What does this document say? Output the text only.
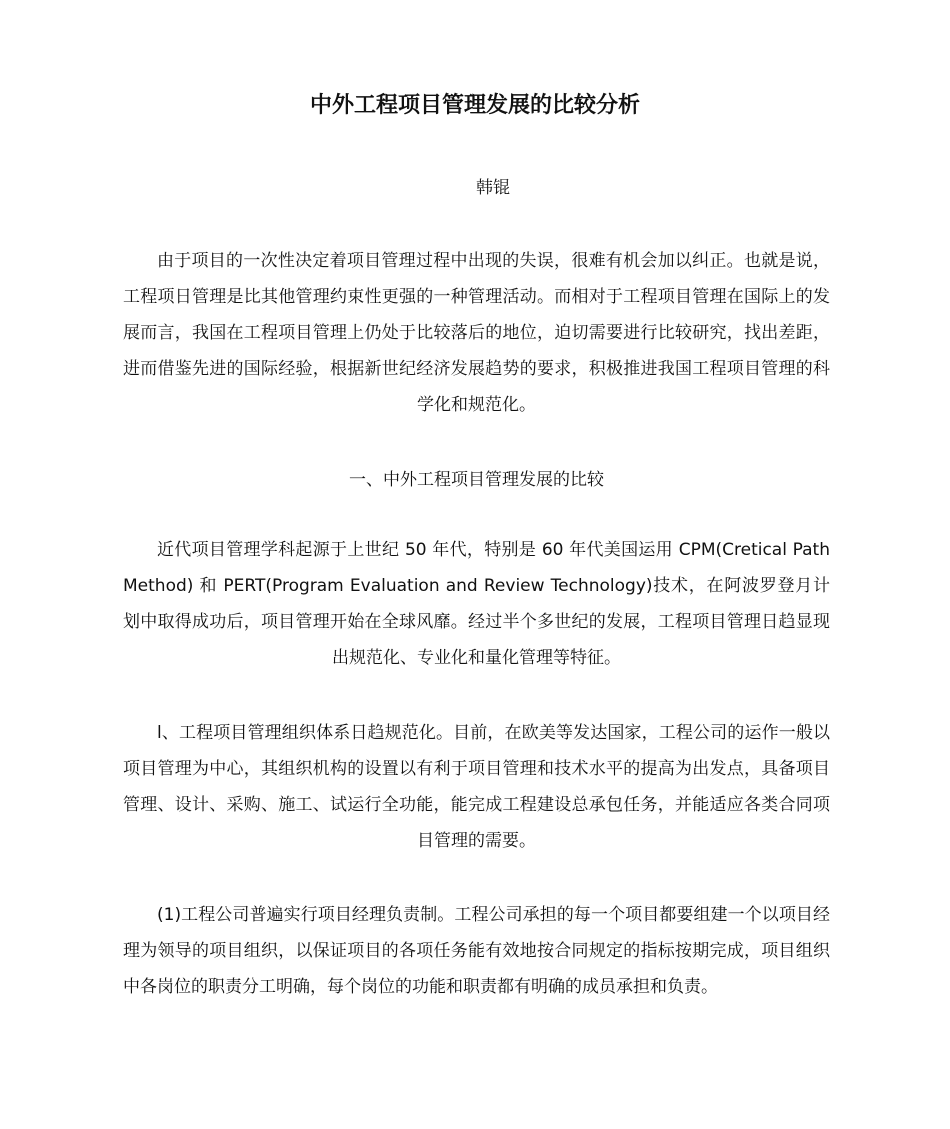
中外工程项目管理发展的比较分析
韩锟

由于项目的一次性决定着项目管理过程中出现的失误，很难有机会加以纠正。也就是说，工程项日管理是比其他管理约束性更强的一种管理活动。而相对于工程项目管理在国际上的发展而言，我国在工程项目管理上仍处于比较落后的地位，迫切需要进行比较研究，找出差距，进而借鉴先进的国际经验，根据新世纪经济发展趋势的要求，积极推进我国工程项目管理的科学化和规范化。

一、中外工程项目管理发展的比较

近代项目管理学科起源于上世纪 50 年代，特别是 60 年代美国运用 CPM(Cretical Path Method) 和 PERT(Program Evaluation and Review Technology)技术，在阿波罗登月计划中取得成功后，项目管理开始在全球风靡。经过半个多世纪的发展，工程项目管理日趋显现出规范化、专业化和量化管理等特征。

l、工程项目管理组织体系日趋规范化。目前，在欧美等发达国家，工程公司的运作一般以项目管理为中心，其组织机构的设置以有利于项目管理和技术水平的提高为出发点，具备项目管理、设计、采购、施工、试运行全功能，能完成工程建设总承包任务，并能适应各类合同项目管理的需要。

(1)工程公司普遍实行项目经理负责制。工程公司承担的每一个项目都要组建一个以项目经理为领导的项目组织，以保证项目的各项任务能有效地按合同规定的指标按期完成，项目组织中各岗位的职责分工明确，每个岗位的功能和职责都有明确的成员承担和负责。
